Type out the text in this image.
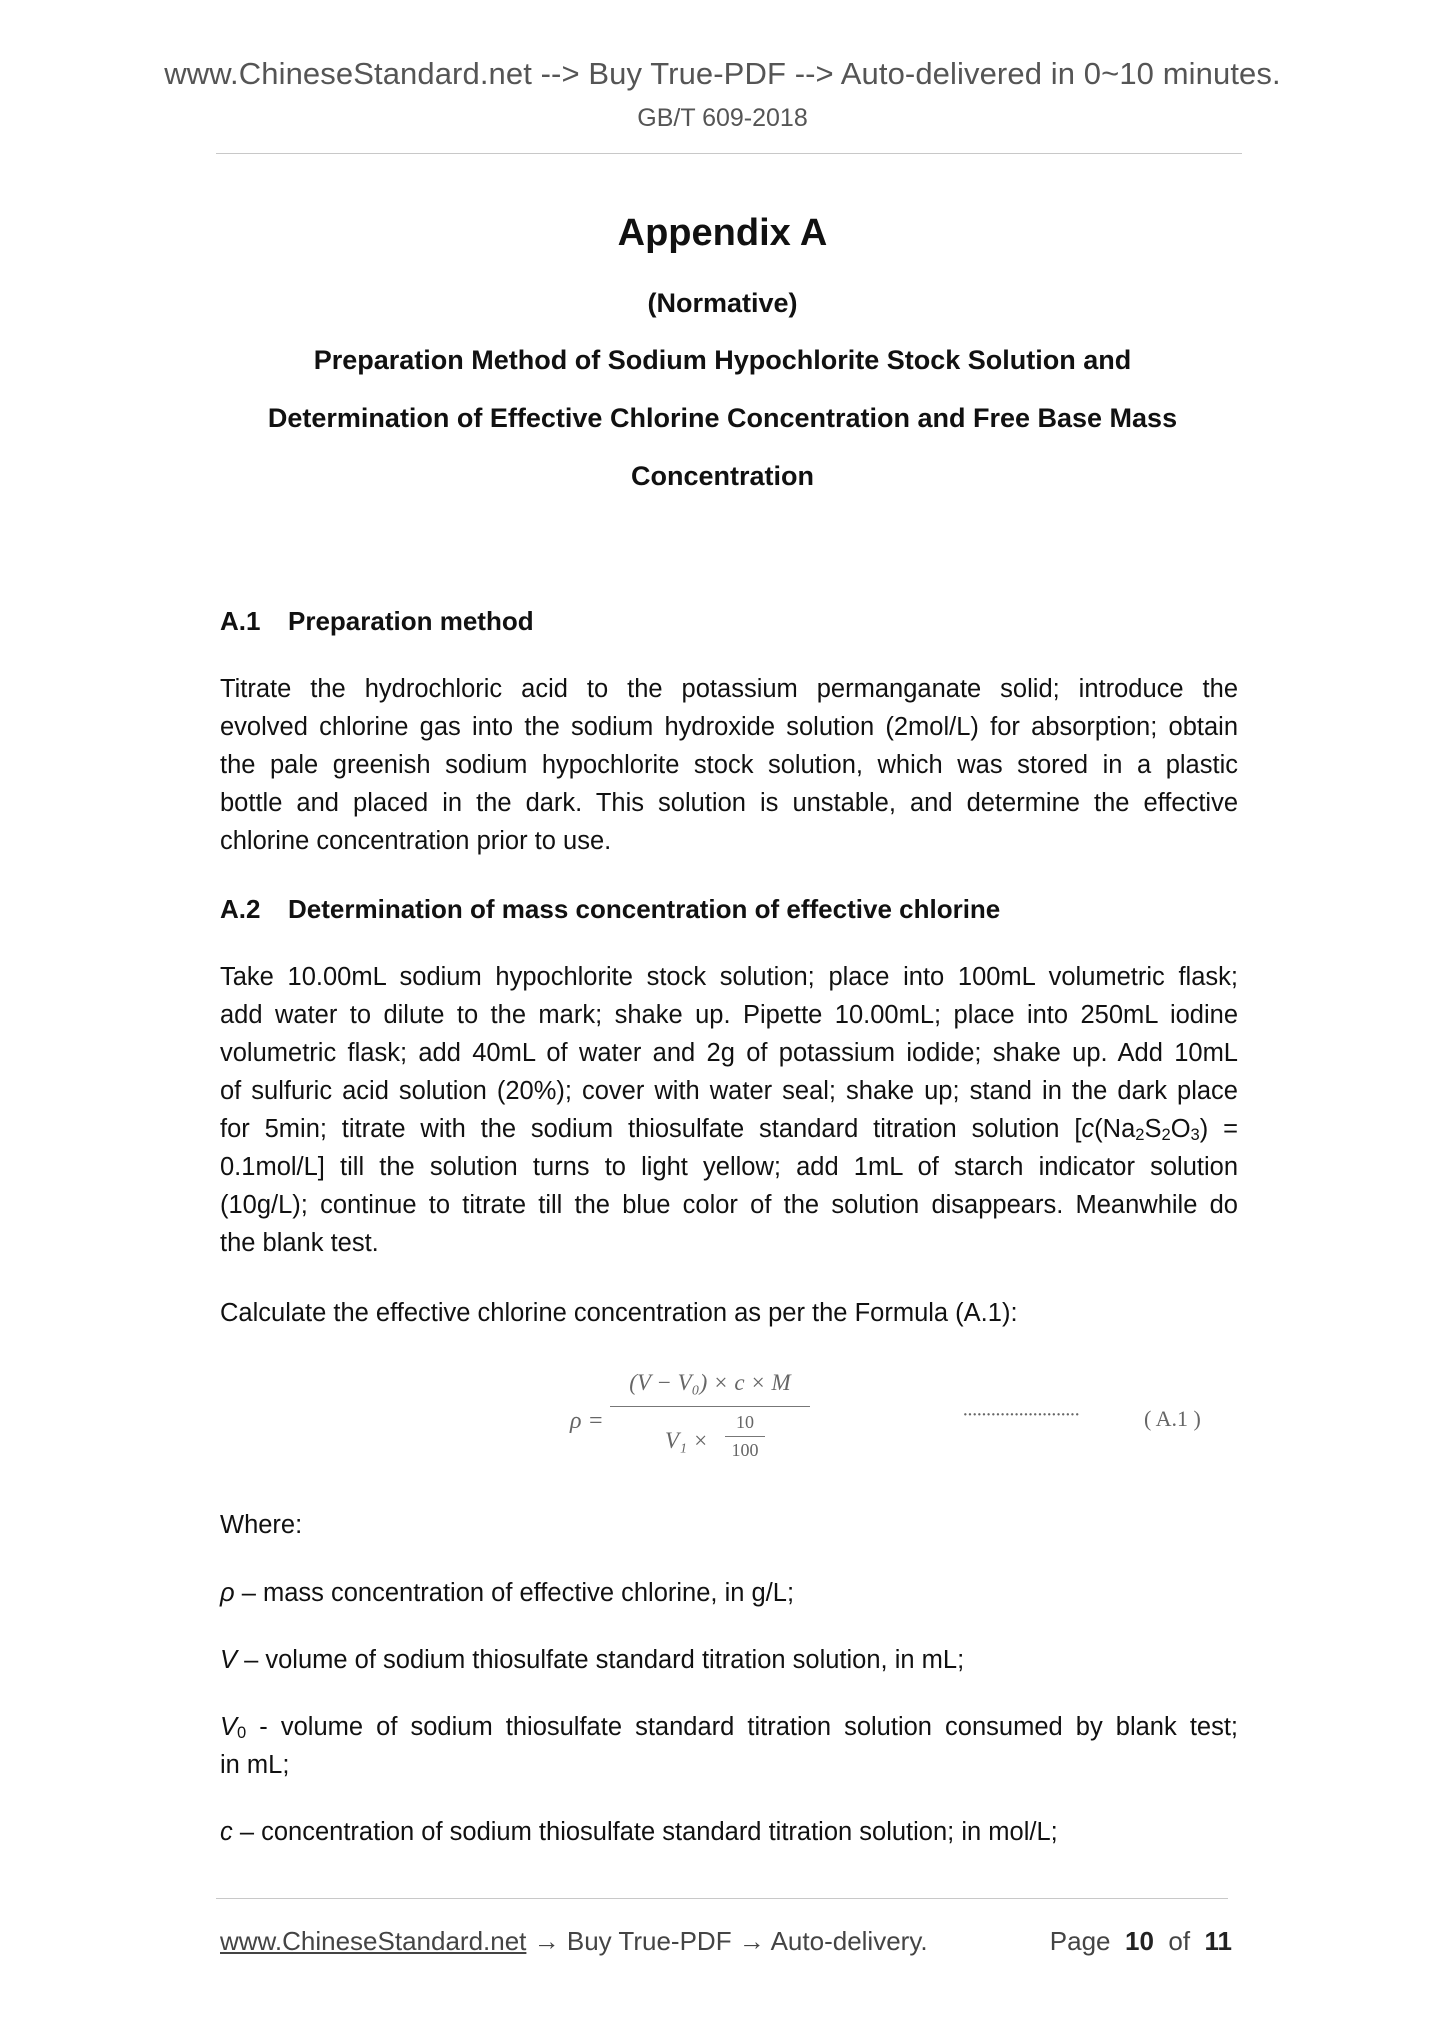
www.ChineseStandard.net --> Buy True-PDF --> Auto-delivered in 0~10 minutes.
GB/T 609-2018
Appendix A
(Normative)
Preparation Method of Sodium Hypochlorite Stock Solution and
Determination of Effective Chlorine Concentration and Free Base Mass
Concentration
A.1 Preparation method
Titrate the hydrochloric acid to the potassium permanganate solid; introduce the
evolved chlorine gas into the sodium hydroxide solution (2mol/L) for absorption; obtain
the pale greenish sodium hypochlorite stock solution, which was stored in a plastic
bottle and placed in the dark. This solution is unstable, and determine the effective
chlorine concentration prior to use.
A.2 Determination of mass concentration of effective chlorine
Take 10.00mL sodium hypochlorite stock solution; place into 100mL volumetric flask;
add water to dilute to the mark; shake up. Pipette 10.00mL; place into 250mL iodine
volumetric flask; add 40mL of water and 2g of potassium iodide; shake up. Add 10mL
of sulfuric acid solution (20%); cover with water seal; shake up; stand in the dark place
for 5min; titrate with the sodium thiosulfate standard titration solution [$c(Na_2S_2O_3)$ =
0.1mol/L] till the solution turns to light yellow; add 1mL of starch indicator solution
(10g/L); continue to titrate till the blue color of the solution disappears. Meanwhile do
the blank test.
Calculate the effective chlorine concentration as per the Formula (A.1):
ρ =
(V − V₀) × c × M
V₁ ×
10
100
·························	( A.1 )
Where:
ρ – mass concentration of effective chlorine, in g/L;
V – volume of sodium thiosulfate standard titration solution, in mL;
$V_0$ - volume of sodium thiosulfate standard titration solution consumed by blank test;
in mL;
c – concentration of sodium thiosulfate standard titration solution; in mol/L;
www.ChineseStandard.net → Buy True-PDF → Auto-delivery.	Page 10 of 11
